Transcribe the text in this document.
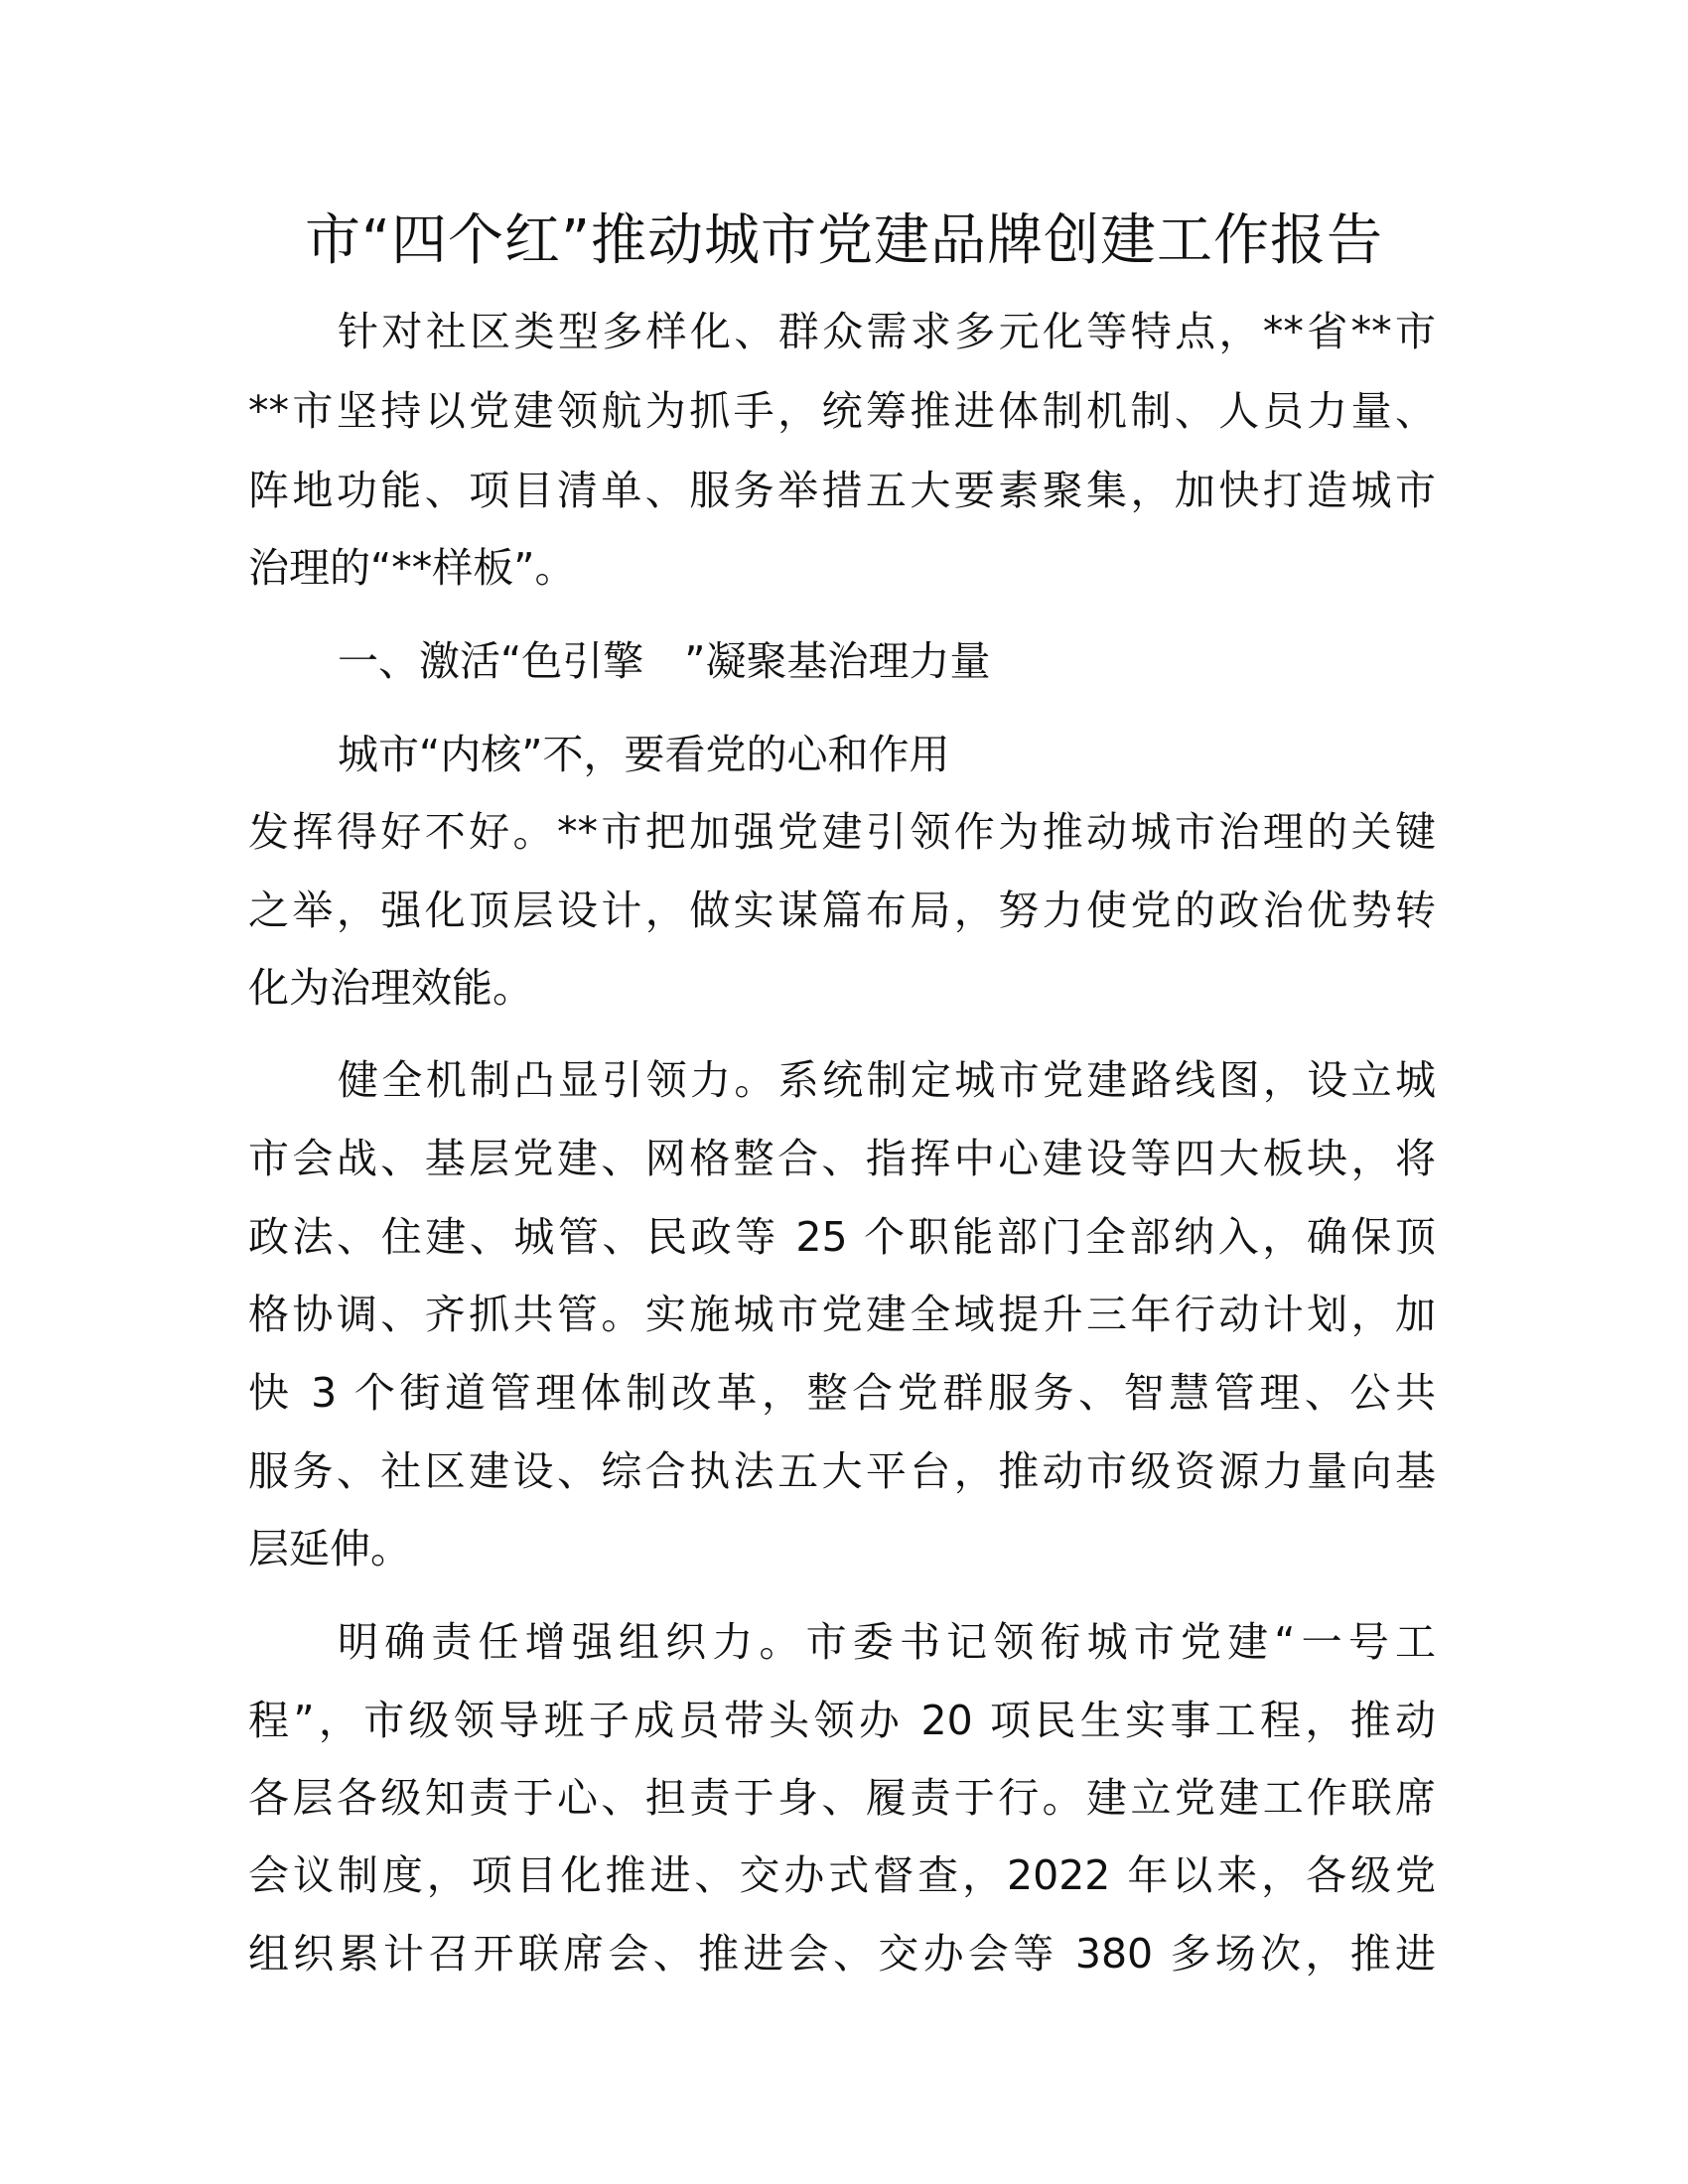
市“四个红”推动城市党建品牌创建工作报告
针对社区类型多样化、群众需求多元化等特点，**省**市
**市坚持以党建领航为抓手，统筹推进体制机制、人员力量、
阵地功能、项目清单、服务举措五大要素聚集，加快打造城市
治理的“**样板”。
一、激活“色引擎　”凝聚基治理力量
城市“内核”不，要看党的心和作用
发挥得好不好。**市把加强党建引领作为推动城市治理的关键
之举，强化顶层设计，做实谋篇布局，努力使党的政治优势转
化为治理效能。
健全机制凸显引领力。系统制定城市党建路线图，设立城
市会战、基层党建、网格整合、指挥中心建设等四大板块，将
政法、住建、城管、民政等 25 个职能部门全部纳入，确保顶
格协调、齐抓共管。实施城市党建全域提升三年行动计划，加
快 3 个街道管理体制改革，整合党群服务、智慧管理、公共
服务、社区建设、综合执法五大平台，推动市级资源力量向基
层延伸。
明确责任增强组织力。市委书记领衔城市党建“一号工
程”，市级领导班子成员带头领办 20 项民生实事工程，推动
各层各级知责于心、担责于身、履责于行。建立党建工作联席
会议制度，项目化推进、交办式督查，2022 年以来，各级党
组织累计召开联席会、推进会、交办会等 380 多场次，推进
